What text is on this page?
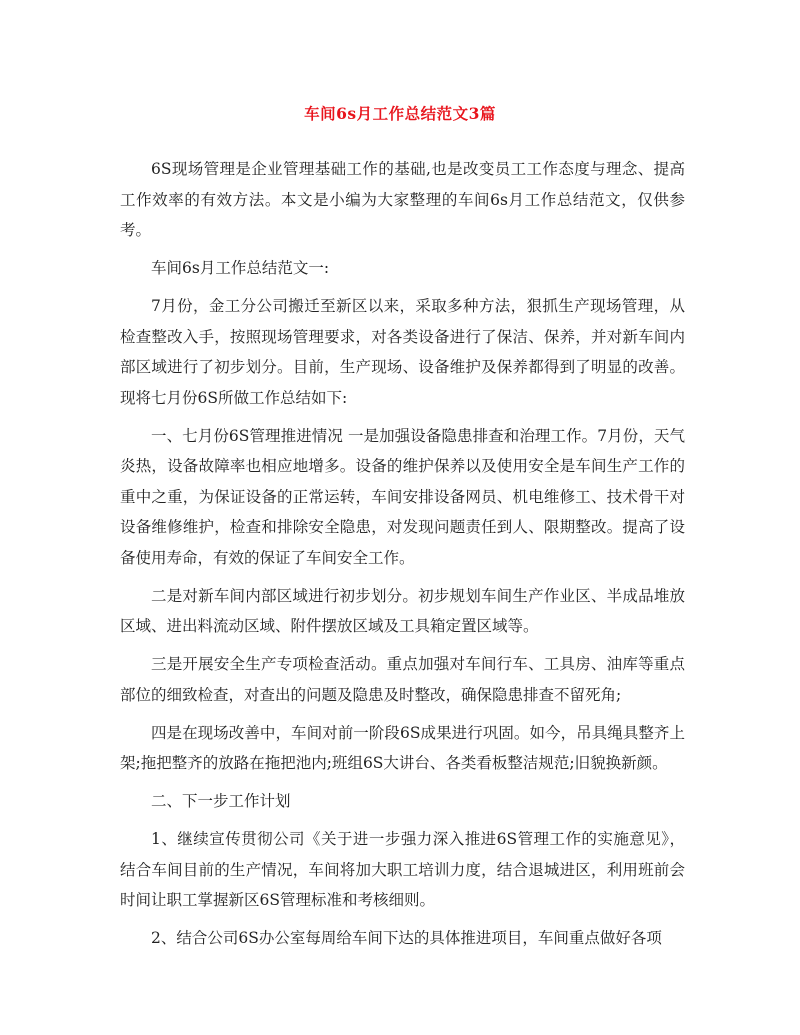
车间6s月工作总结范文3篇

6S现场管理是企业管理基础工作的基础,也是改变员工工作态度与理念、提高工作效率的有效方法。本文是小编为大家整理的车间6s月工作总结范文，仅供参考。

车间6s月工作总结范文一:

7月份，金工分公司搬迁至新区以来，采取多种方法，狠抓生产现场管理，从检查整改入手，按照现场管理要求，对各类设备进行了保洁、保养，并对新车间内部区域进行了初步划分。目前，生产现场、设备维护及保养都得到了明显的改善。现将七月份6S所做工作总结如下:

一、七月份6S管理推进情况 一是加强设备隐患排查和治理工作。7月份，天气炎热，设备故障率也相应地增多。设备的维护保养以及使用安全是车间生产工作的重中之重，为保证设备的正常运转，车间安排设备网员、机电维修工、技术骨干对设备维修维护，检查和排除安全隐患，对发现问题责任到人、限期整改。提高了设备使用寿命，有效的保证了车间安全工作。

二是对新车间内部区域进行初步划分。初步规划车间生产作业区、半成品堆放区域、进出料流动区域、附件摆放区域及工具箱定置区域等。

三是开展安全生产专项检查活动。重点加强对车间行车、工具房、油库等重点部位的细致检查，对查出的问题及隐患及时整改，确保隐患排查不留死角;

四是在现场改善中，车间对前一阶段6S成果进行巩固。如今，吊具绳具整齐上架;拖把整齐的放路在拖把池内;班组6S大讲台、各类看板整洁规范;旧貌换新颜。

二、下一步工作计划

1、继续宣传贯彻公司《关于进一步强力深入推进6S管理工作的实施意见》，结合车间目前的生产情况，车间将加大职工培训力度，结合退城进区，利用班前会时间让职工掌握新区6S管理标准和考核细则。

2、结合公司6S办公室每周给车间下达的具体推进项目，车间重点做好各项
